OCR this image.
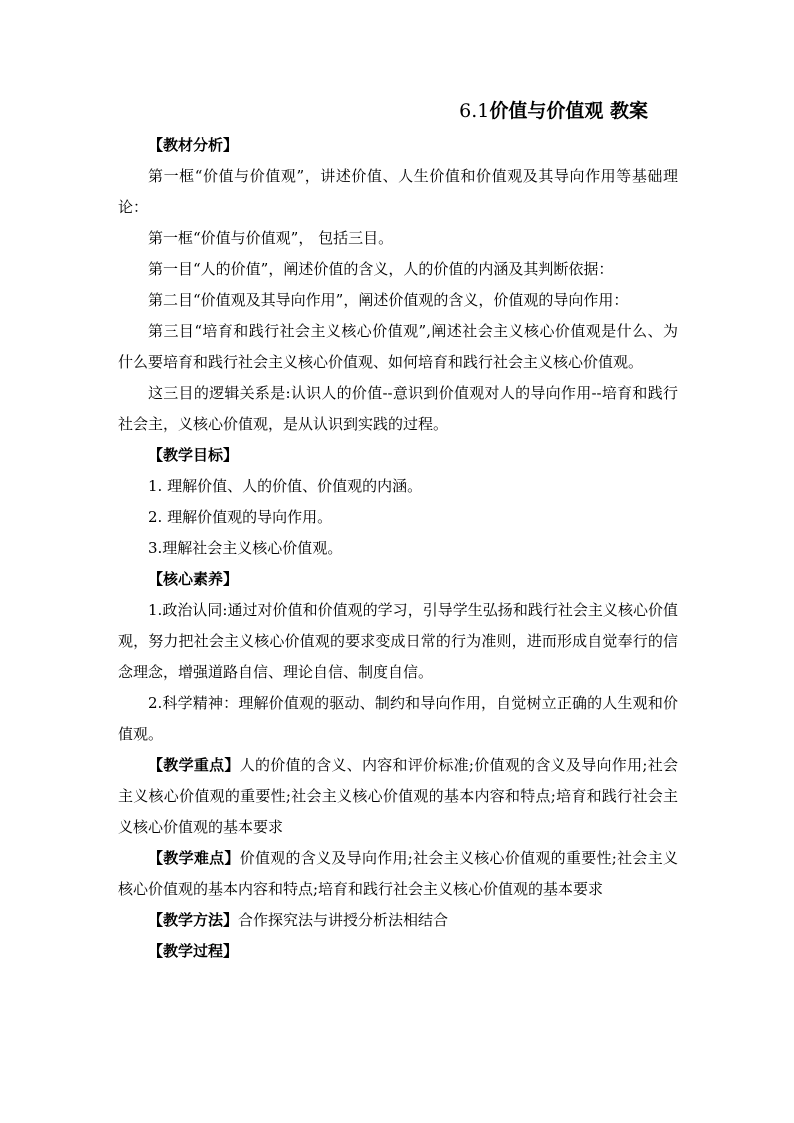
6.1价值与价值观 教案

【教材分析】

第一框“价值与价值观”，讲述价值、人生价值和价值观及其导向作用等基础理论：

第一框“价值与价值观”， 包括三目。

第一目“人的价值”，阐述价值的含义，人的价值的内涵及其判断依据：

第二目“价值观及其导向作用”，阐述价值观的含义，价值观的导向作用：

第三目“培育和践行社会主义核心价值观”,阐述社会主义核心价值观是什么、为什么要培育和践行社会主义核心价值观、如何培育和践行社会主义核心价值观。

这三目的逻辑关系是:认识人的价值--意识到价值观对人的导向作用--培育和践行社会主，义核心价值观，是从认识到实践的过程。

【教学目标】

1. 理解价值、人的价值、价值观的内涵。

2. 理解价值观的导向作用。

3.理解社会主义核心价值观。

【核心素养】

1.政治认同:通过对价值和价值观的学习，引导学生弘扬和践行社会主义核心价值观，努力把社会主义核心价值观的要求变成日常的行为准则，进而形成自觉奉行的信念理念，增强道路自信、理论自信、制度自信。

2.科学精神：理解价值观的驱动、制约和导向作用，自觉树立正确的人生观和价值观。

【教学重点】人的价值的含义、内容和评价标准;价值观的含义及导向作用;社会主义核心价值观的重要性;社会主义核心价值观的基本内容和特点;培育和践行社会主义核心价值观的基本要求

【教学难点】价值观的含义及导向作用;社会主义核心价值观的重要性;社会主义核心价值观的基本内容和特点;培育和践行社会主义核心价值观的基本要求

【教学方法】合作探究法与讲授分析法相结合

【教学过程】
